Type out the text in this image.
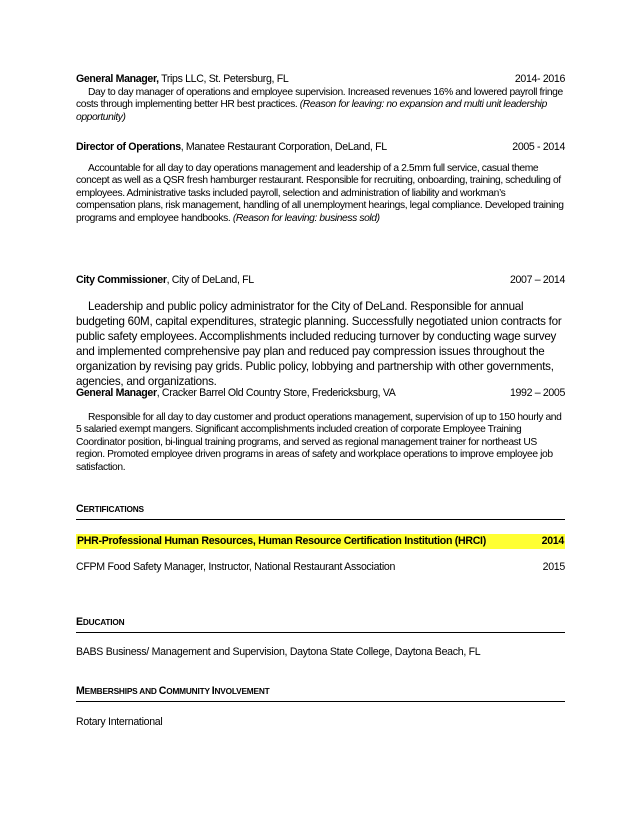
General Manager, Trips LLC, St. Petersburg, FL	2014- 2016
Day to day manager of operations and employee supervision. Increased revenues 16% and lowered payroll fringe costs through implementing better HR best practices. (Reason for leaving: no expansion and multi unit leadership opportunity)
Director of Operations, Manatee Restaurant Corporation, DeLand, FL	2005 - 2014
Accountable for all day to day operations management and leadership of a 2.5mm full service, casual theme concept as well as a QSR fresh hamburger restaurant. Responsible for recruiting, onboarding, training, scheduling of employees. Administrative tasks included payroll, selection and administration of liability and workman’s compensation plans, risk management, handling of all unemployment hearings, legal compliance. Developed training programs and employee handbooks. (Reason for leaving: business sold)
City Commissioner, City of DeLand, FL	2007 – 2014
Leadership and public policy administrator for the City of DeLand. Responsible for annual budgeting 60M, capital expenditures, strategic planning. Successfully negotiated union contracts for public safety employees. Accomplishments included reducing turnover by conducting wage survey and implemented comprehensive pay plan and reduced pay compression issues throughout the organization by revising pay grids. Public policy, lobbying and partnership with other governments, agencies, and organizations.
General Manager, Cracker Barrel Old Country Store, Fredericksburg, VA	1992 – 2005
Responsible for all day to day customer and product operations management, supervision of up to 150 hourly and 5 salaried exempt mangers. Significant accomplishments included creation of corporate Employee Training Coordinator position, bi-lingual training programs, and served as regional management trainer for northeast US region. Promoted employee driven programs in areas of safety and workplace operations to improve employee job satisfaction.
CERTIFICATIONS
PHR-Professional Human Resources, Human Resource Certification Institution (HRCI)	2014
CFPM Food Safety Manager, Instructor, National Restaurant Association	2015
EDUCATION
BABS Business/ Management and Supervision, Daytona State College, Daytona Beach, FL
MEMBERSHIPS AND COMMUNITY INVOLVEMENT
Rotary International
